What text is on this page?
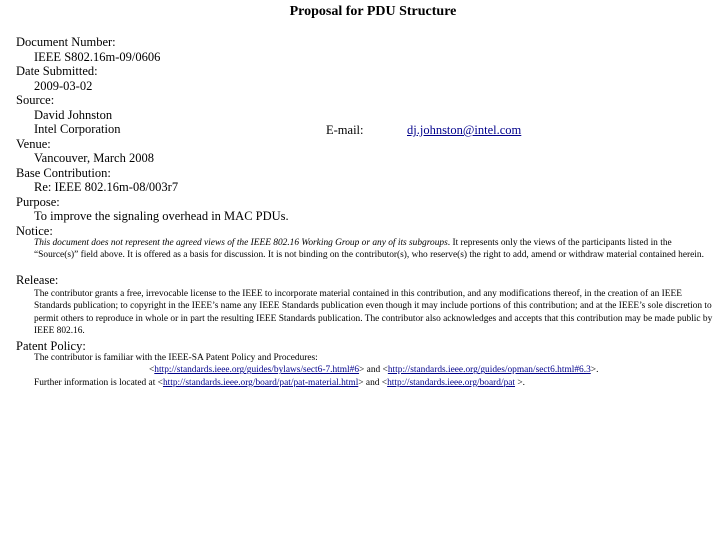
Proposal for PDU Structure
Document Number:
IEEE S802.16m-09/0606
Date Submitted:
2009-03-02
Source:
David Johnston
Intel Corporation
Venue:
Vancouver, March 2008
Base Contribution:
Re: IEEE 802.16m-08/003r7
Purpose:
To improve the signaling overhead in MAC PDUs.
Notice:
E-mail:	dj.johnston@intel.com
This document does not represent the agreed views of the IEEE 802.16 Working Group or any of its subgroups. It represents only the views of the participants listed in the “Source(s)” field above. It is offered as a basis for discussion. It is not binding on the contributor(s), who reserve(s) the right to add, amend or withdraw material contained herein.
Release:
The contributor grants a free, irrevocable license to the IEEE to incorporate material contained in this contribution, and any modifications thereof, in the creation of an IEEE Standards publication; to copyright in the IEEE’s name any IEEE Standards publication even though it may include portions of this contribution; and at the IEEE’s sole discretion to permit others to reproduce in whole or in part the resulting IEEE Standards publication. The contributor also acknowledges and accepts that this contribution may be made public by IEEE 802.16.
Patent Policy:
The contributor is familiar with the IEEE-SA Patent Policy and Procedures:
<http://standards.ieee.org/guides/bylaws/sect6-7.html#6> and <http://standards.ieee.org/guides/opman/sect6.html#6.3>.
Further information is located at <http://standards.ieee.org/board/pat/pat-material.html> and <http://standards.ieee.org/board/pat >.
